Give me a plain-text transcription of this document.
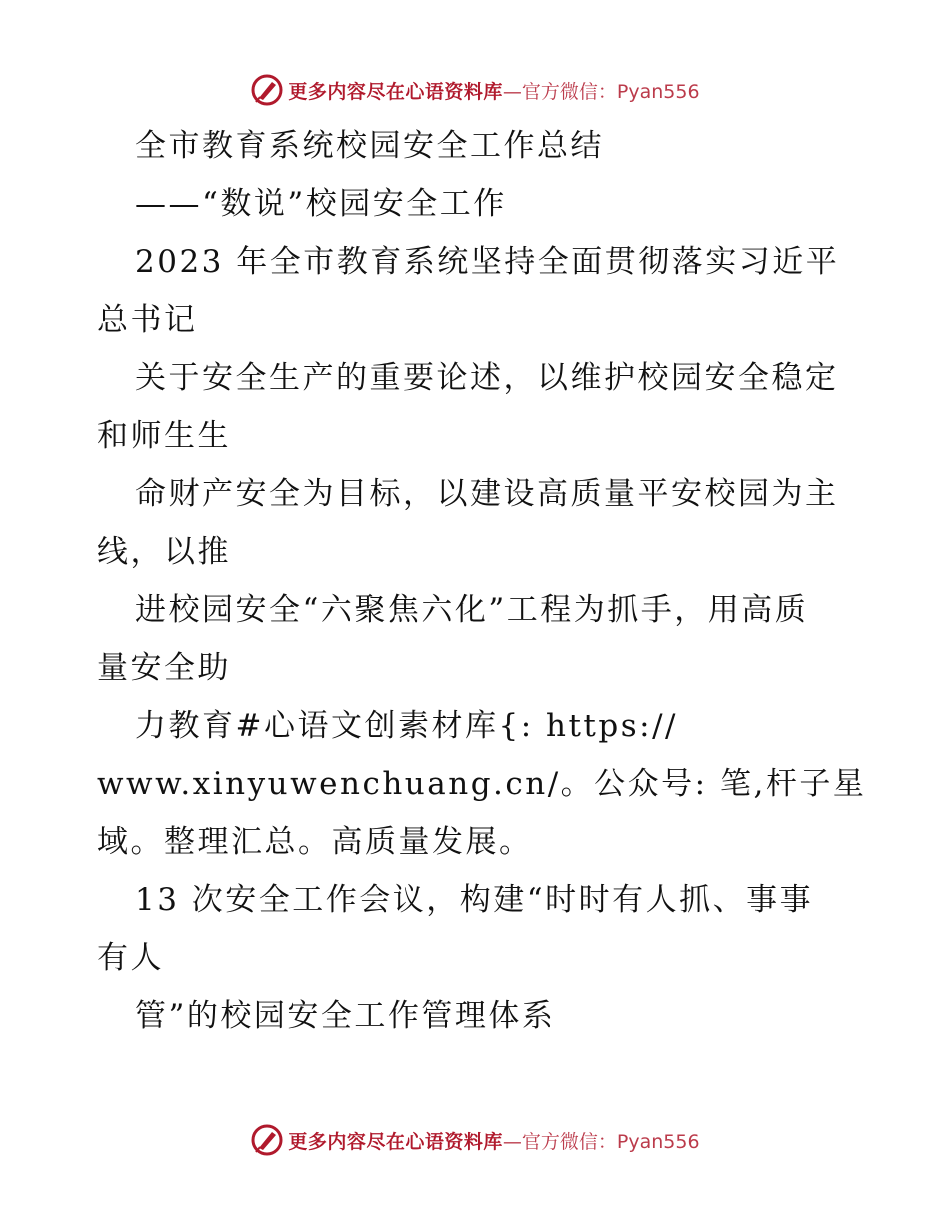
更多内容尽在心语资料库 —官方微信：Pyan556
全市教育系统校园安全工作总结
——“数说”校园安全工作
2023 年全市教育系统坚持全面贯彻落实习近平
总书记
关于安全生产的重要论述，以维护校园安全稳定
和师生生
命财产安全为目标，以建设高质量平安校园为主
线，以推
进校园安全“六聚焦六化”工程为抓手，用高质
量安全助
力教育#心语文创素材库{: https://
www.xinyuwenchuang.cn/。公众号: 笔,杆子星
域。整理汇总。高质量发展。
13 次安全工作会议，构建“时时有人抓、事事
有人
管”的校园安全工作管理体系
更多内容尽在心语资料库 —官方微信：Pyan556
